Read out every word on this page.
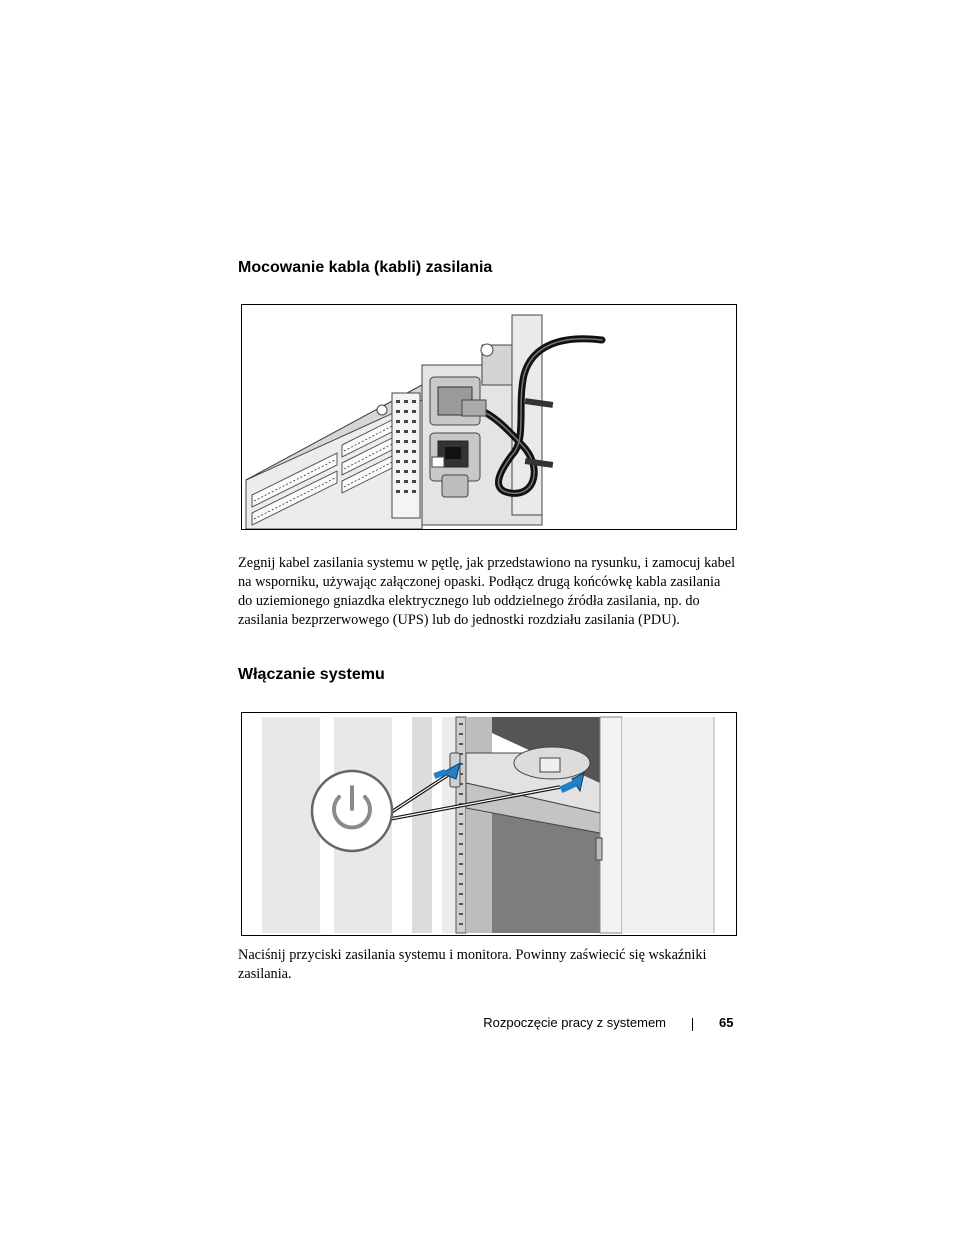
Mocowanie kabla (kabli) zasilania

Zegnij kabel zasilania systemu w pętlę, jak przedstawiono na rysunku, i zamocuj kabel na wsporniku, używając załączonej opaski. Podłącz drugą końcówkę kabla zasilania do uziemionego gniazdka elektrycznego lub oddzielnego źródła zasilania, np. do zasilania bezprzerwowego (UPS) lub do jednostki rozdziału zasilania (PDU).

Włączanie systemu

Naciśnij przyciski zasilania systemu i monitora. Powinny zaświecić się wskaźniki zasilania.

Rozpoczęcie pracy z systemem	65
